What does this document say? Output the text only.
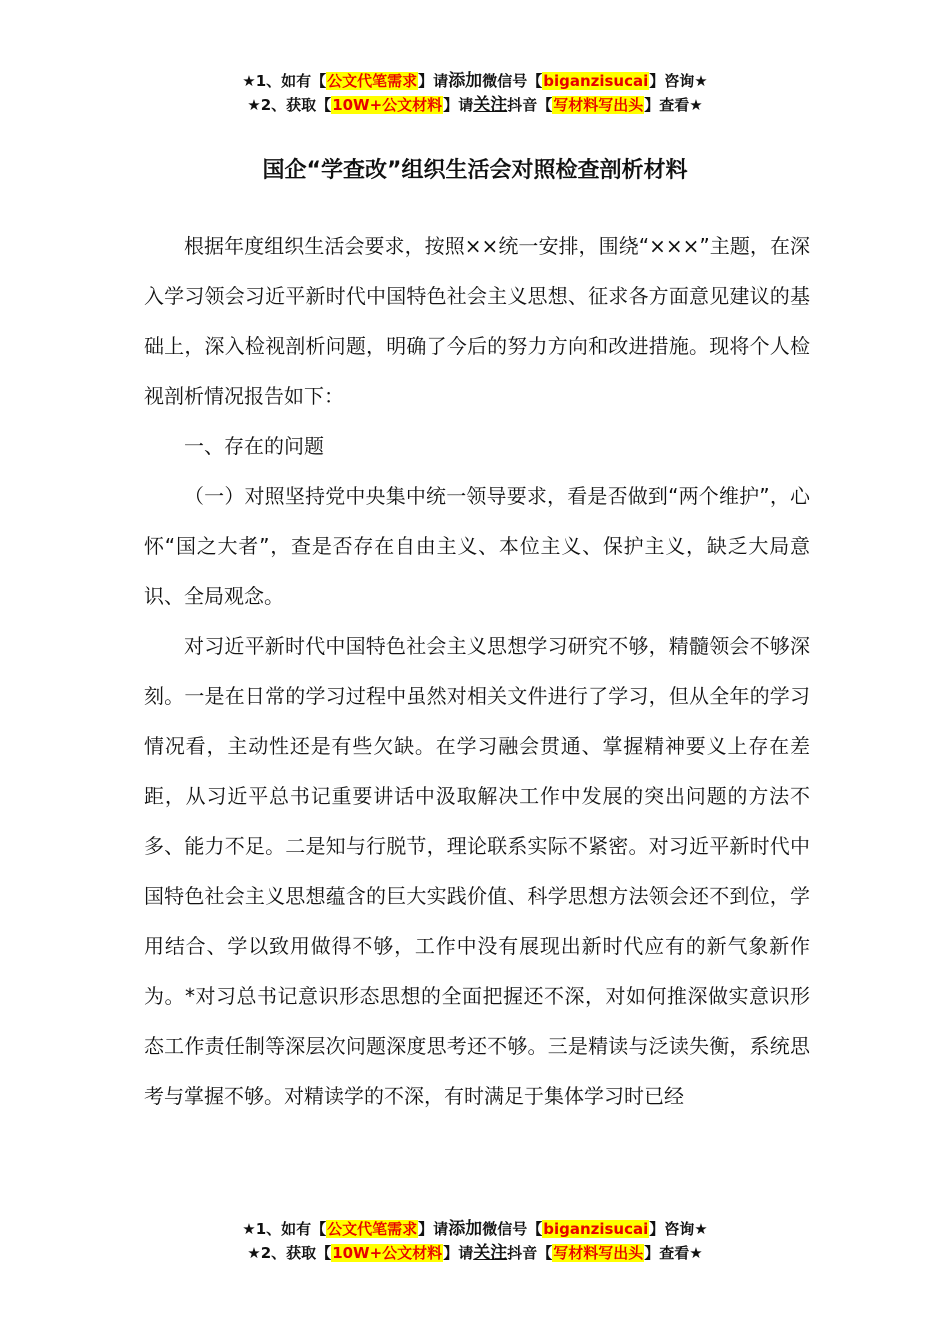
★1、如有【公文代笔需求】请添加微信号【biganzisucai】咨询★
★2、获取【10W+公文材料】请关注抖音【写材料写出头】查看★
国企“学查改”组织生活会对照检查剖析材料

根据年度组织生活会要求，按照××统一安排，围绕“×××”主题，在深入学习领会习近平新时代中国特色社会主义思想、征求各方面意见建议的基础上，深入检视剖析问题，明确了今后的努力方向和改进措施。现将个人检视剖析情况报告如下：

一、存在的问题

（一）对照坚持党中央集中统一领导要求，看是否做到“两个维护”，心怀“国之大者”，查是否存在自由主义、本位主义、保护主义，缺乏大局意识、全局观念。

对习近平新时代中国特色社会主义思想学习研究不够，精髓领会不够深刻。一是在日常的学习过程中虽然对相关文件进行了学习，但从全年的学习情况看，主动性还是有些欠缺。在学习融会贯通、掌握精神要义上存在差距，从习近平总书记重要讲话中汲取解决工作中发展的突出问题的方法不多、能力不足。二是知与行脱节，理论联系实际不紧密。对习近平新时代中国特色社会主义思想蕴含的巨大实践价值、科学思想方法领会还不到位，学用结合、学以致用做得不够，工作中没有展现出新时代应有的新气象新作为。*对习总书记意识形态思想的全面把握还不深，对如何推深做实意识形态工作责任制等深层次问题深度思考还不够。三是精读与泛读失衡，系统思考与掌握不够。对精读学的不深，有时满足于集体学习时已经

★1、如有【公文代笔需求】请添加微信号【biganzisucai】咨询★
★2、获取【10W+公文材料】请关注抖音【写材料写出头】查看★
